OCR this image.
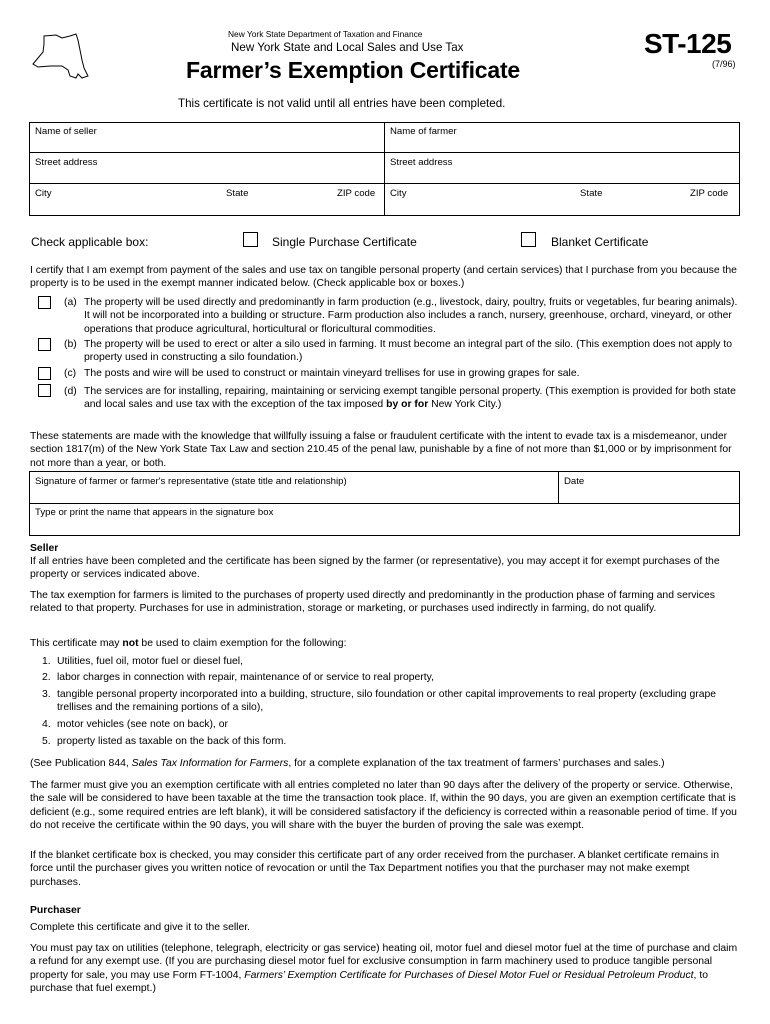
New York State Department of Taxation and Finance
New York State and Local Sales and Use Tax
Farmer’s Exemption Certificate
ST-125
(7/96)
This certificate is not valid until all entries have been completed.
Name of seller	Name of farmer
Street address	Street address
City	State	ZIP code City	State	ZIP code
Check applicable box:	Single Purchase Certificate	Blanket Certificate

I certify that I am exempt from payment of the sales and use tax on tangible personal property (and certain services) that I purchase from you because the property is to be used in the exempt manner indicated below. (Check applicable box or boxes.)

(a) The property will be used directly and predominantly in farm production (e.g., livestock, dairy, poultry, fruits or vegetables, fur bearing animals). It will not be incorporated into a building or structure. Farm production also includes a ranch, nursery, greenhouse, orchard, vineyard, or other operations that produce agricultural, horticultural or floricultural commodities.
(b) The property will be used to erect or alter a silo used in farming. It must become an integral part of the silo. (This exemption does not apply to property used in constructing a silo foundation.)
(c) The posts and wire will be used to construct or maintain vineyard trellises for use in growing grapes for sale.
(d) The services are for installing, repairing, maintaining or servicing exempt tangible personal property. (This exemption is provided for both state and local sales and use tax with the exception of the tax imposed by or for New York City.)

These statements are made with the knowledge that willfully issuing a false or fraudulent certificate with the intent to evade tax is a misdemeanor, under section 1817(m) of the New York State Tax Law and section 210.45 of the penal law, punishable by a fine of not more than $1,000 or by imprisonment for not more than a year, or both.

Signature of farmer or farmer's representative (state title and relationship)	Date
Type or print the name that appears in the signature box
Seller

If all entries have been completed and the certificate has been signed by the farmer (or representative), you may accept it for exempt purchases of the property or services indicated above.

The tax exemption for farmers is limited to the purchases of property used directly and predominantly in the production phase of farming and services related to that property. Purchases for use in administration, storage or marketing, or purchases used indirectly in farming, do not qualify.

This certificate may not be used to claim exemption for the following:

1. Utilities, fuel oil, motor fuel or diesel fuel,
2. labor charges in connection with repair, maintenance of or service to real property,
3. tangible personal property incorporated into a building, structure, silo foundation or other capital improvements to real property (excluding grape trellises and the remaining portions of a silo),
4. motor vehicles (see note on back), or
5. property listed as taxable on the back of this form.

(See Publication 844, Sales Tax Information for Farmers, for a complete explanation of the tax treatment of farmers’ purchases and sales.)

The farmer must give you an exemption certificate with all entries completed no later than 90 days after the delivery of the property or service. Otherwise, the sale will be considered to have been taxable at the time the transaction took place. If, within the 90 days, you are given an exemption certificate that is deficient (e.g., some required entries are left blank), it will be considered satisfactory if the deficiency is corrected within a reasonable period of time. If you do not receive the certificate within the 90 days, you will share with the buyer the burden of proving the sale was exempt.

If the blanket certificate box is checked, you may consider this certificate part of any order received from the purchaser. A blanket certificate remains in force until the purchaser gives you written notice of revocation or until the Tax Department notifies you that the purchaser may not make exempt purchases.

Purchaser

Complete this certificate and give it to the seller.

You must pay tax on utilities (telephone, telegraph, electricity or gas service) heating oil, motor fuel and diesel motor fuel at the time of purchase and claim a refund for any exempt use. (If you are purchasing diesel motor fuel for exclusive consumption in farm machinery used to produce tangible personal property for sale, you may use Form FT-1004, Farmers’ Exemption Certificate for Purchases of Diesel Motor Fuel or Residual Petroleum Product, to purchase that fuel exempt.)
